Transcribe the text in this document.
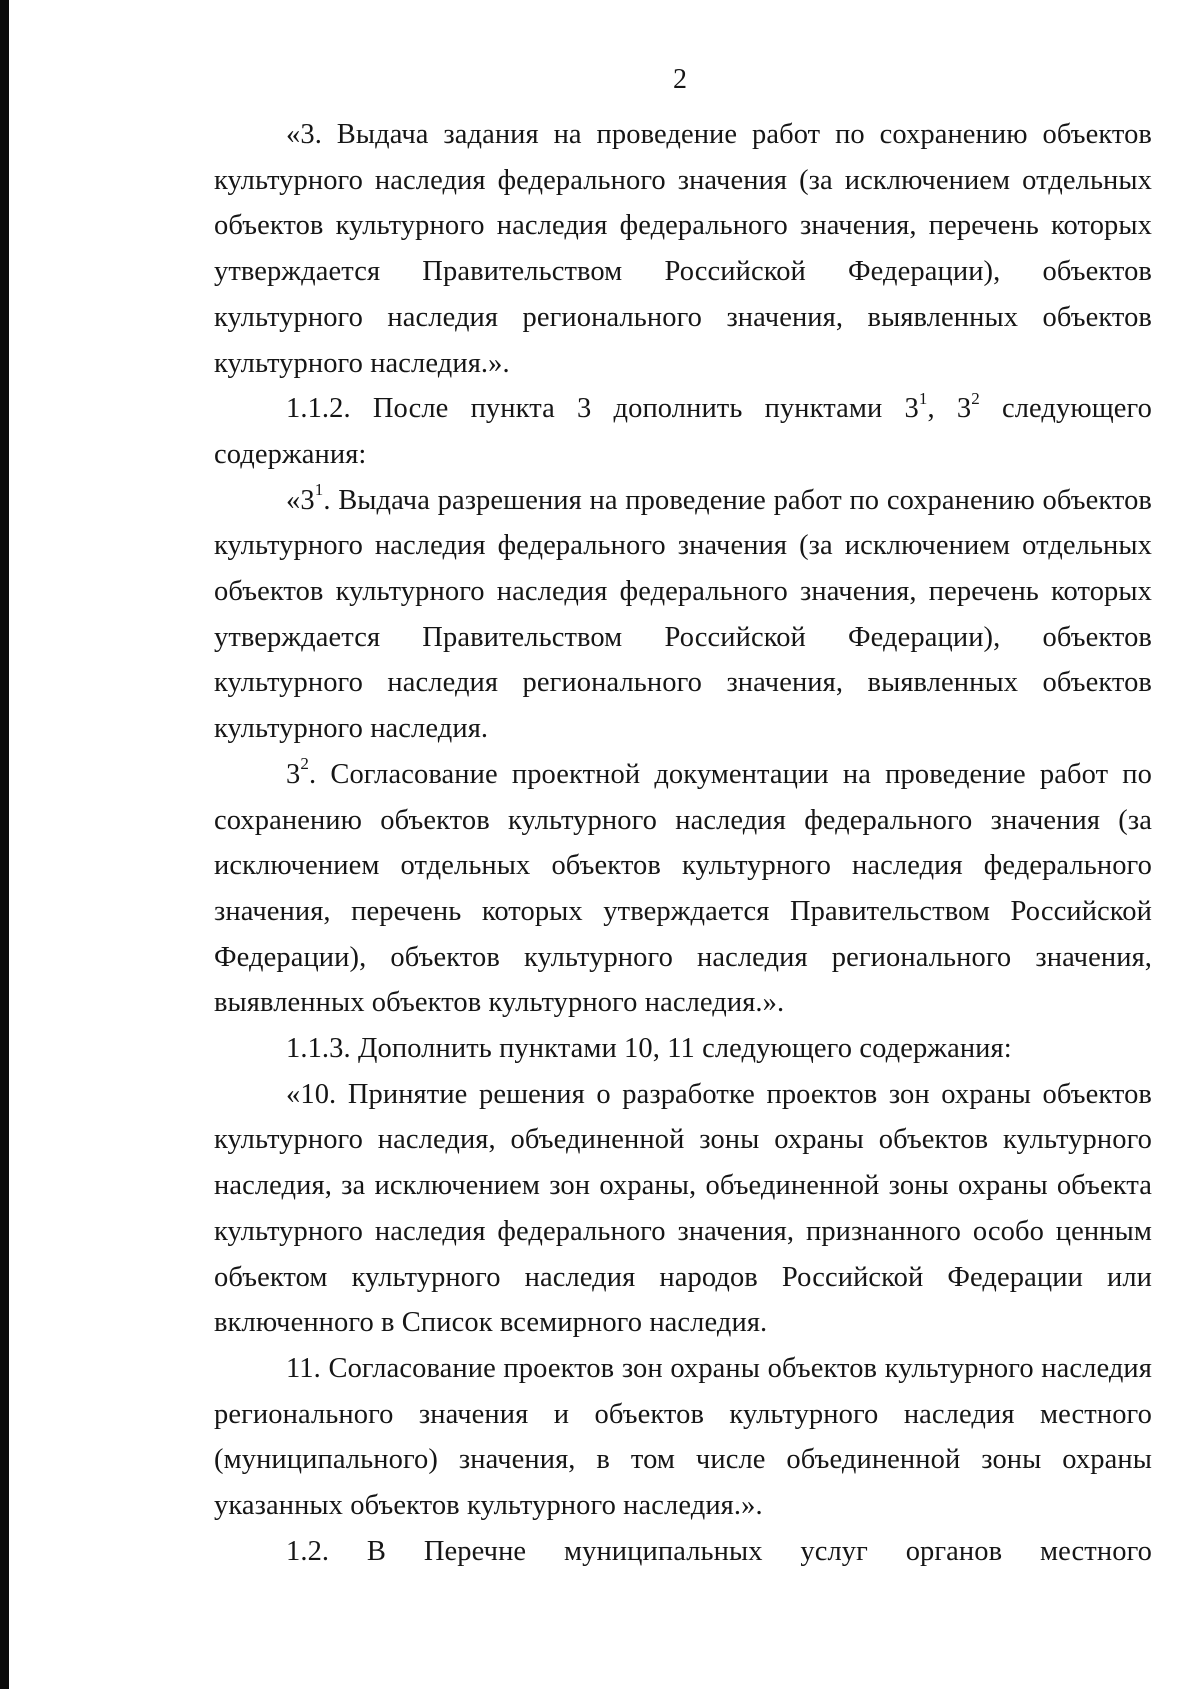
2

«3. Выдача задания на проведение работ по сохранению объектов
культурного наследия федерального значения (за исключением отдельных
объектов культурного наследия федерального значения, перечень которых
утверждается Правительством Российской Федерации), объектов
культурного наследия регионального значения, выявленных объектов
культурного наследия.».

1.1.2. После пункта 3 дополнить пунктами $3^1$, $3^2$ следующего
содержания:

«$3^1$. Выдача разрешения на проведение работ по сохранению объектов
культурного наследия федерального значения (за исключением отдельных
объектов культурного наследия федерального значения, перечень которых
утверждается Правительством Российской Федерации), объектов
культурного наследия регионального значения, выявленных объектов
культурного наследия.

$3^2$. Согласование проектной документации на проведение работ по
сохранению объектов культурного наследия федерального значения (за
исключением отдельных объектов культурного наследия федерального
значения, перечень которых утверждается Правительством Российской
Федерации), объектов культурного наследия регионального значения,
выявленных объектов культурного наследия.».

1.1.3. Дополнить пунктами 10, 11 следующего содержания:

«10. Принятие решения о разработке проектов зон охраны объектов
культурного наследия, объединенной зоны охраны объектов культурного
наследия, за исключением зон охраны, объединенной зоны охраны объекта
культурного наследия федерального значения, признанного особо ценным
объектом культурного наследия народов Российской Федерации или
включенного в Список всемирного наследия.

11. Согласование проектов зон охраны объектов культурного наследия
регионального значения и объектов культурного наследия местного
(муниципального) значения, в том числе объединенной зоны охраны
указанных объектов культурного наследия.».

1.2. В Перечне муниципальных услуг органов местного
